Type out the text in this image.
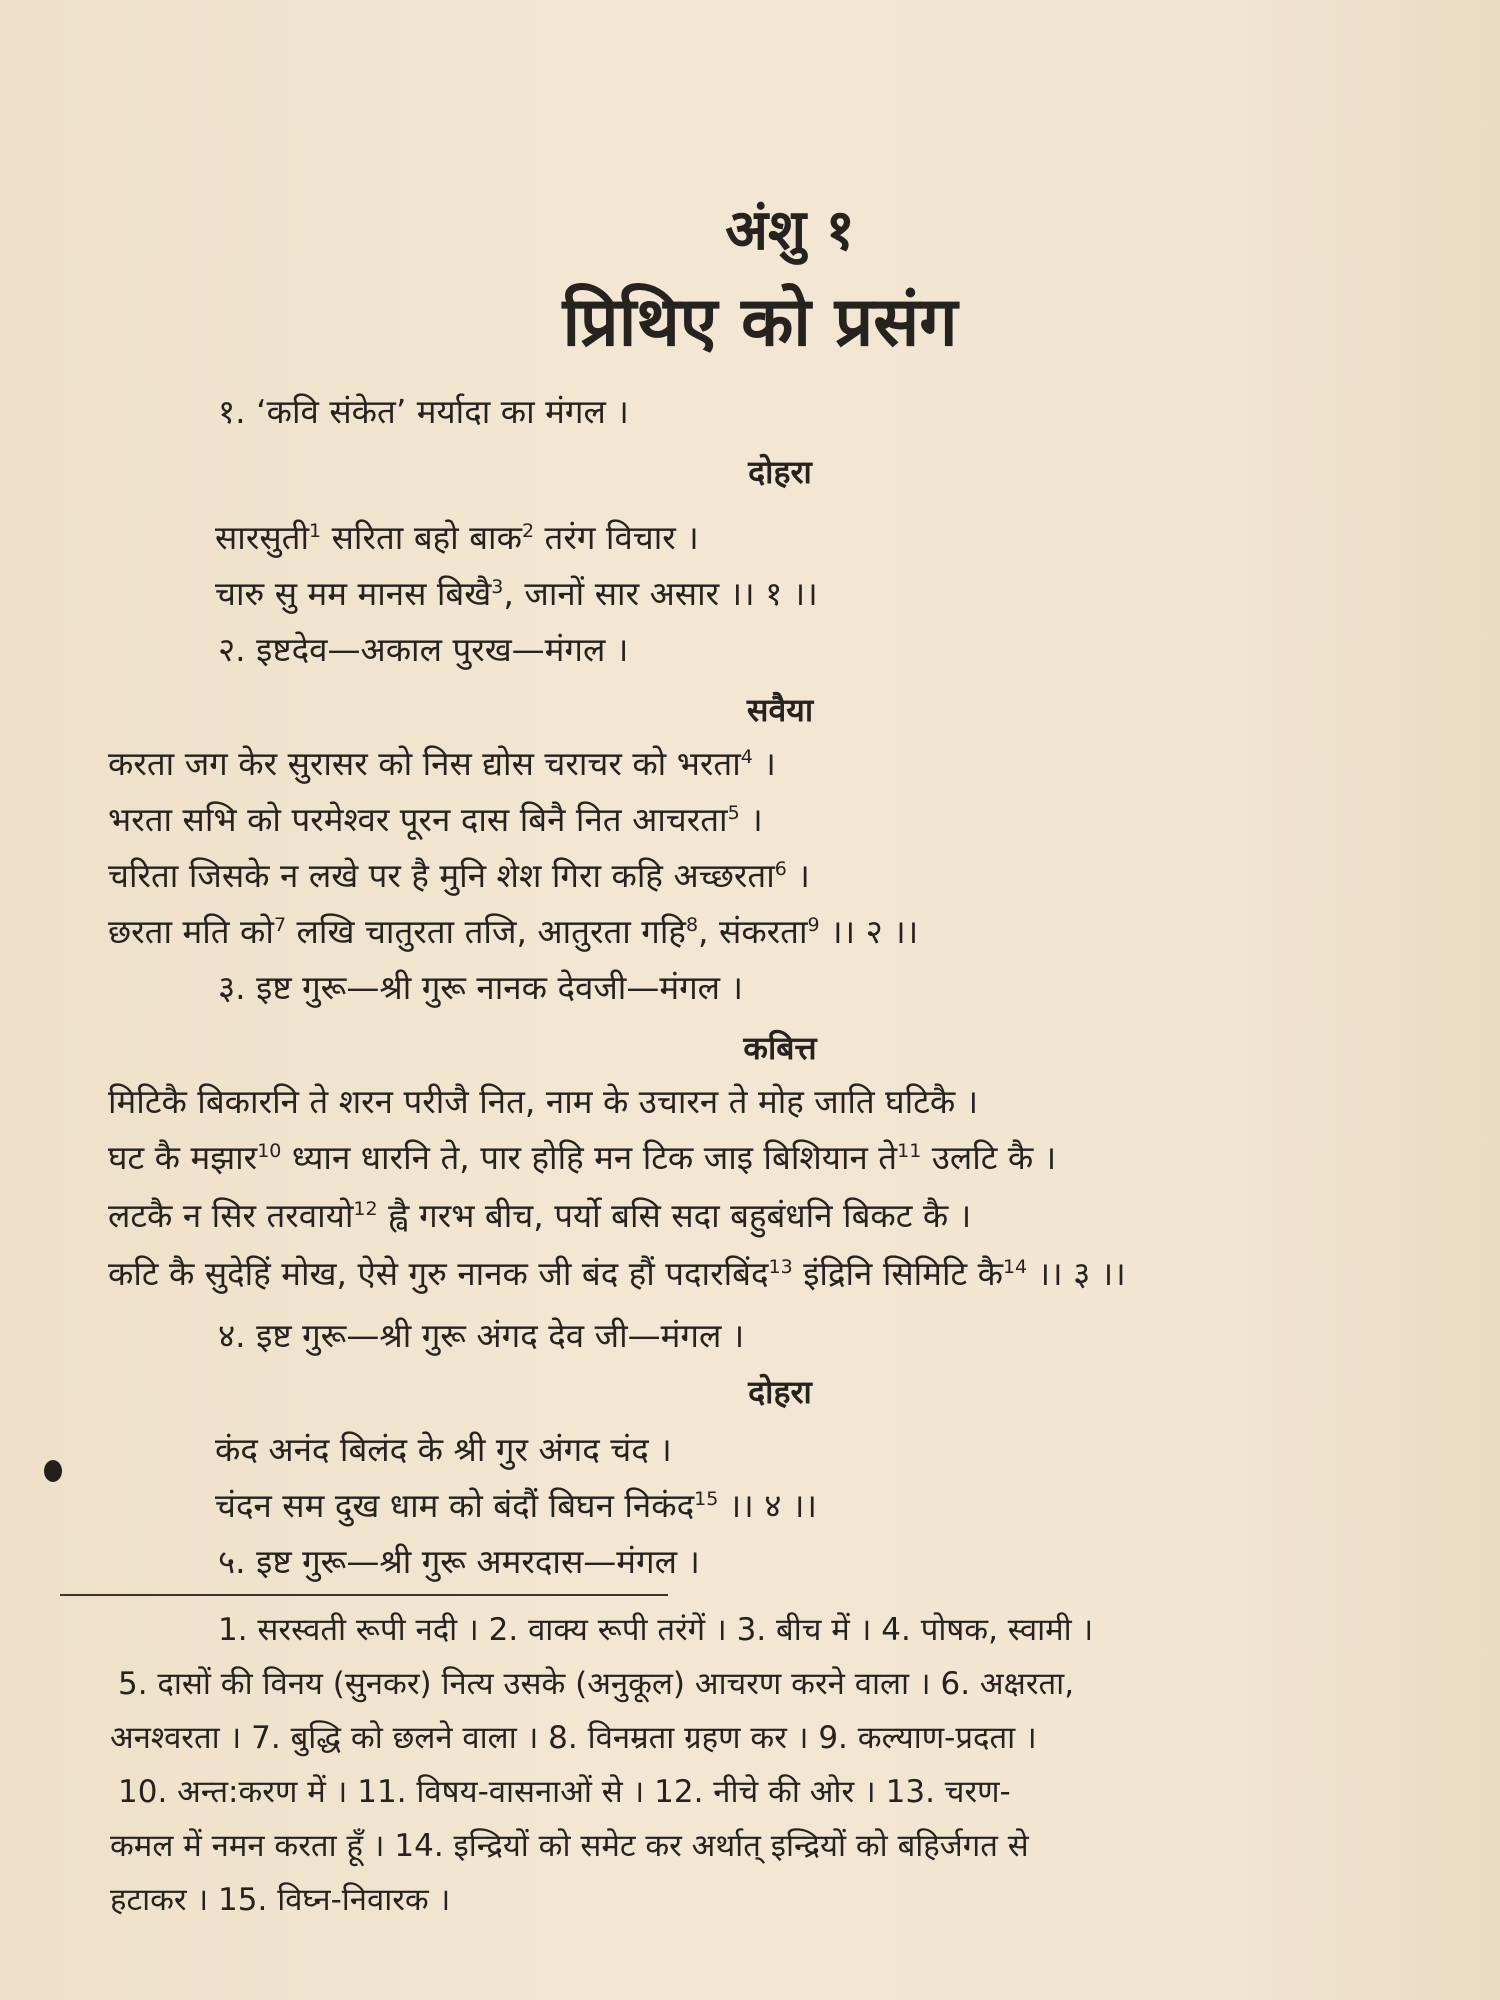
अंशु १
प्रिथिए को प्रसंग
१. ‘कवि संकेत’ मर्यादा का मंगल ।
दोहरा
सारसुती$^1$ सरिता बहो बाक$^2$ तरंग विचार ।
चारु सु मम मानस बिखै$^3$, जानों सार असार ।। १ ।।
२. इष्टदेव—अकाल पुरख—मंगल ।
सवैया
करता जग केर सुरासर को निस द्योस चराचर को भरता$^4$ ।
भरता सभि को परमेश्वर पूरन दास बिनै नित आचरता$^5$ ।
चरिता जिसके न लखे पर है मुनि शेश गिरा कहि अच्छरता$^6$ ।
छरता मति को$^7$ लखि चातुरता तजि, आतुरता गहि$^8$, संकरता$^9$ ।। २ ।।
३. इष्ट गुरू—श्री गुरू नानक देवजी—मंगल ।
कबित्त
मिटिकै बिकारनि ते शरन परीजै नित, नाम के उचारन ते मोह जाति घटिकै ।
घट कै मझार$^{10}$ ध्यान धारनि ते, पार होहि मन टिक जाइ बिशियान ते$^{11}$ उलटि कै ।
लटकै न सिर तरवायो$^{12}$ ह्वै गरभ बीच, पर्यो बसि सदा बहुबंधनि बिकट कै ।
कटि कै सुदेहिं मोख, ऐसे गुरु नानक जी बंद हौं पदारबिंद$^{13}$ इंद्रिनि सिमिटि कै$^{14}$ ।। ३ ।।
४. इष्ट गुरू—श्री गुरू अंगद देव जी—मंगल ।
दोहरा
कंद अनंद बिलंद के श्री गुर अंगद चंद ।
चंदन सम दुख धाम को बंदौं बिघन निकंद$^{15}$ ।। ४ ।।
५. इष्ट गुरू—श्री गुरू अमरदास—मंगल ।
1. सरस्वती रूपी नदी । 2. वाक्य रूपी तरंगें । 3. बीच में । 4. पोषक, स्वामी ।
5. दासों की विनय (सुनकर) नित्य उसके (अनुकूल) आचरण करने वाला । 6. अक्षरता,
अनश्वरता । 7. बुद्धि को छलने वाला । 8. विनम्रता ग्रहण कर । 9. कल्याण-प्रदता ।
10. अन्त:करण में । 11. विषय-वासनाओं से । 12. नीचे की ओर । 13. चरण-
कमल में नमन करता हूँ । 14. इन्द्रियों को समेट कर अर्थात् इन्द्रियों को बहिर्जगत से
हटाकर । 15. विघ्न-निवारक ।
